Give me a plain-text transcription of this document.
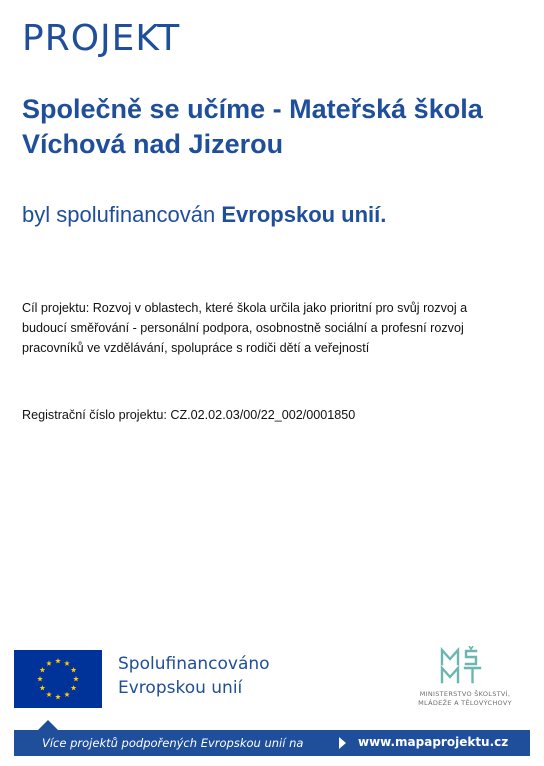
PROJEKT
Společně se učíme - Mateřská škola Víchová nad Jizerou

byl spolufinancován Evropskou unií.

Cíl projektu: Rozvoj v oblastech, které škola určila jako prioritní pro svůj rozvoj a budoucí směřování - personální podpora, osobnostně sociální a profesní rozvoj pracovníků ve vzdělávání, spolupráce s rodiči dětí a veřejností

Registrační číslo projektu: CZ.02.02.03/00/22_002/0001850

Spolufinancováno
Evropskou unií	MINISTERSTVO ŠKOLSTVÍ,
MLÁDEŽE A TĚLOVÝCHOVY
Více projektů podpořených Evropskou unií na	www.mapaprojektu.cz
